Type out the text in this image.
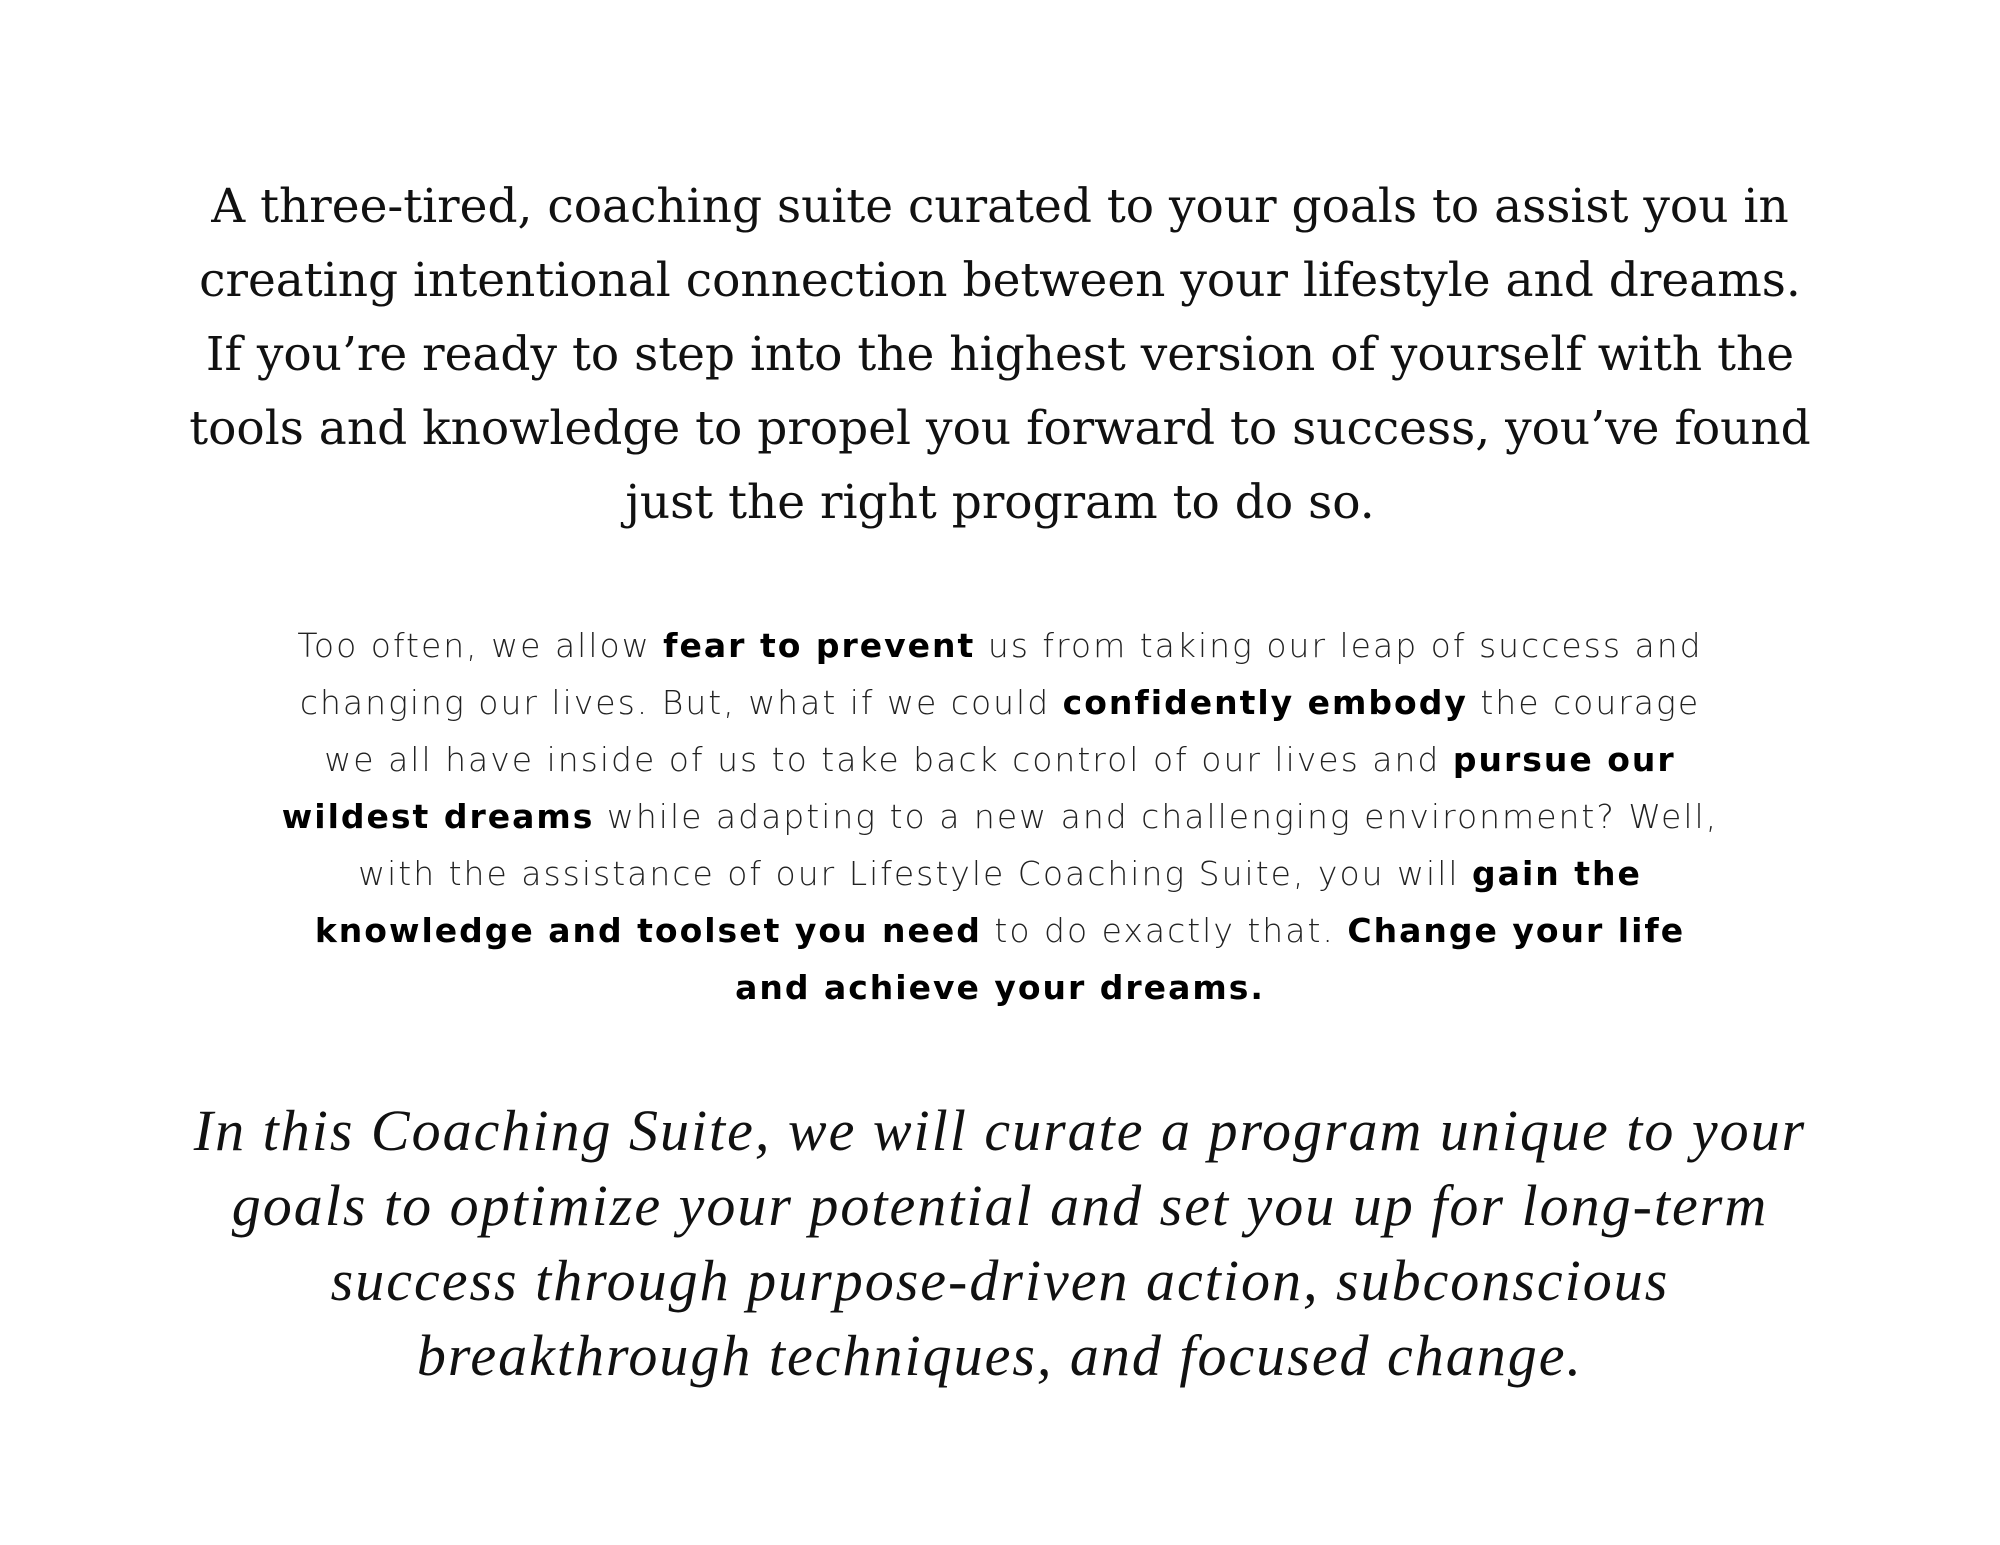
A three-tired, coaching suite curated to your goals to assist you in creating intentional connection between your lifestyle and dreams. If you’re ready to step into the highest version of yourself with the tools and knowledge to propel you forward to success, you’ve found just the right program to do so.

Too often, we allow fear to prevent us from taking our leap of success and changing our lives. But, what if we could confidently embody the courage we all have inside of us to take back control of our lives and pursue our wildest dreams while adapting to a new and challenging environment? Well, with the assistance of our Lifestyle Coaching Suite, you will gain the knowledge and toolset you need to do exactly that. Change your life and achieve your dreams.

In this Coaching Suite, we will curate a program unique to your goals to optimize your potential and set you up for long-term success through purpose-driven action, subconscious breakthrough techniques, and focused change.
